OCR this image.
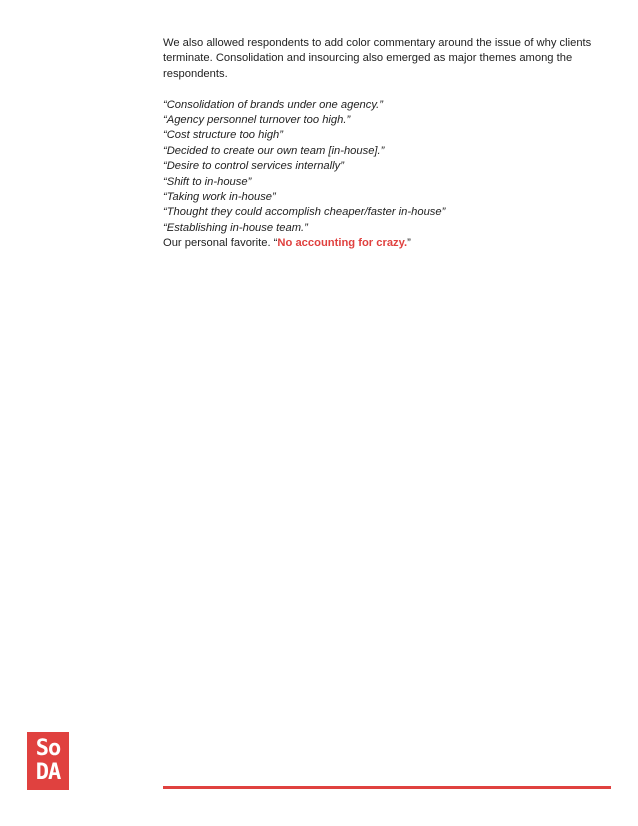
We also allowed respondents to add color commentary around the issue of why clients terminate. Consolidation and insourcing also emerged as major themes among the respondents.

“Consolidation of brands under one agency.”
“Agency personnel turnover too high.”
“Cost structure too high”
“Decided to create our own team [in-house].”
“Desire to control services internally”
“Shift to in-house”
“Taking work in-house”
“Thought they could accomplish cheaper/faster in-house”
“Establishing in-house team.”

Our personal favorite. “No accounting for crazy.”

So
DA
